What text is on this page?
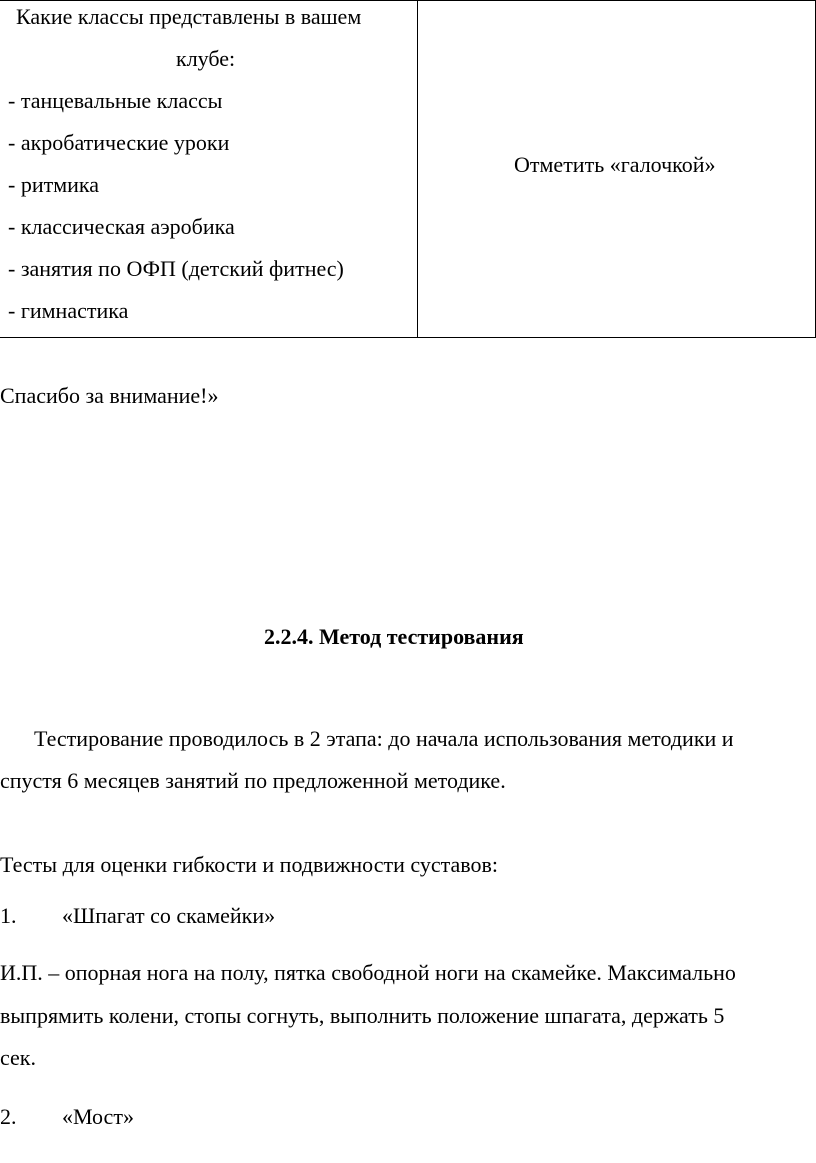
Какие классы представлены в вашем
клубе:
- танцевальные классы
- акробатические уроки
- ритмика
- классическая аэробика
- занятия по ОФП (детский фитнес)
- гимнастика
Отметить «галочкой»
Спасибо за внимание!»
2.2.4. Метод тестирования
Тестирование проводилось в 2 этапа: до начала использования методики и
спустя 6 месяцев занятий по предложенной методике.
Тесты для оценки гибкости и подвижности суставов:
1. «Шпагат со скамейки»
И.П. – опорная нога на полу, пятка свободной ноги на скамейке. Максимально
выпрямить колени, стопы согнуть, выполнить положение шпагата, держать 5
сек.
2. «Мост»
